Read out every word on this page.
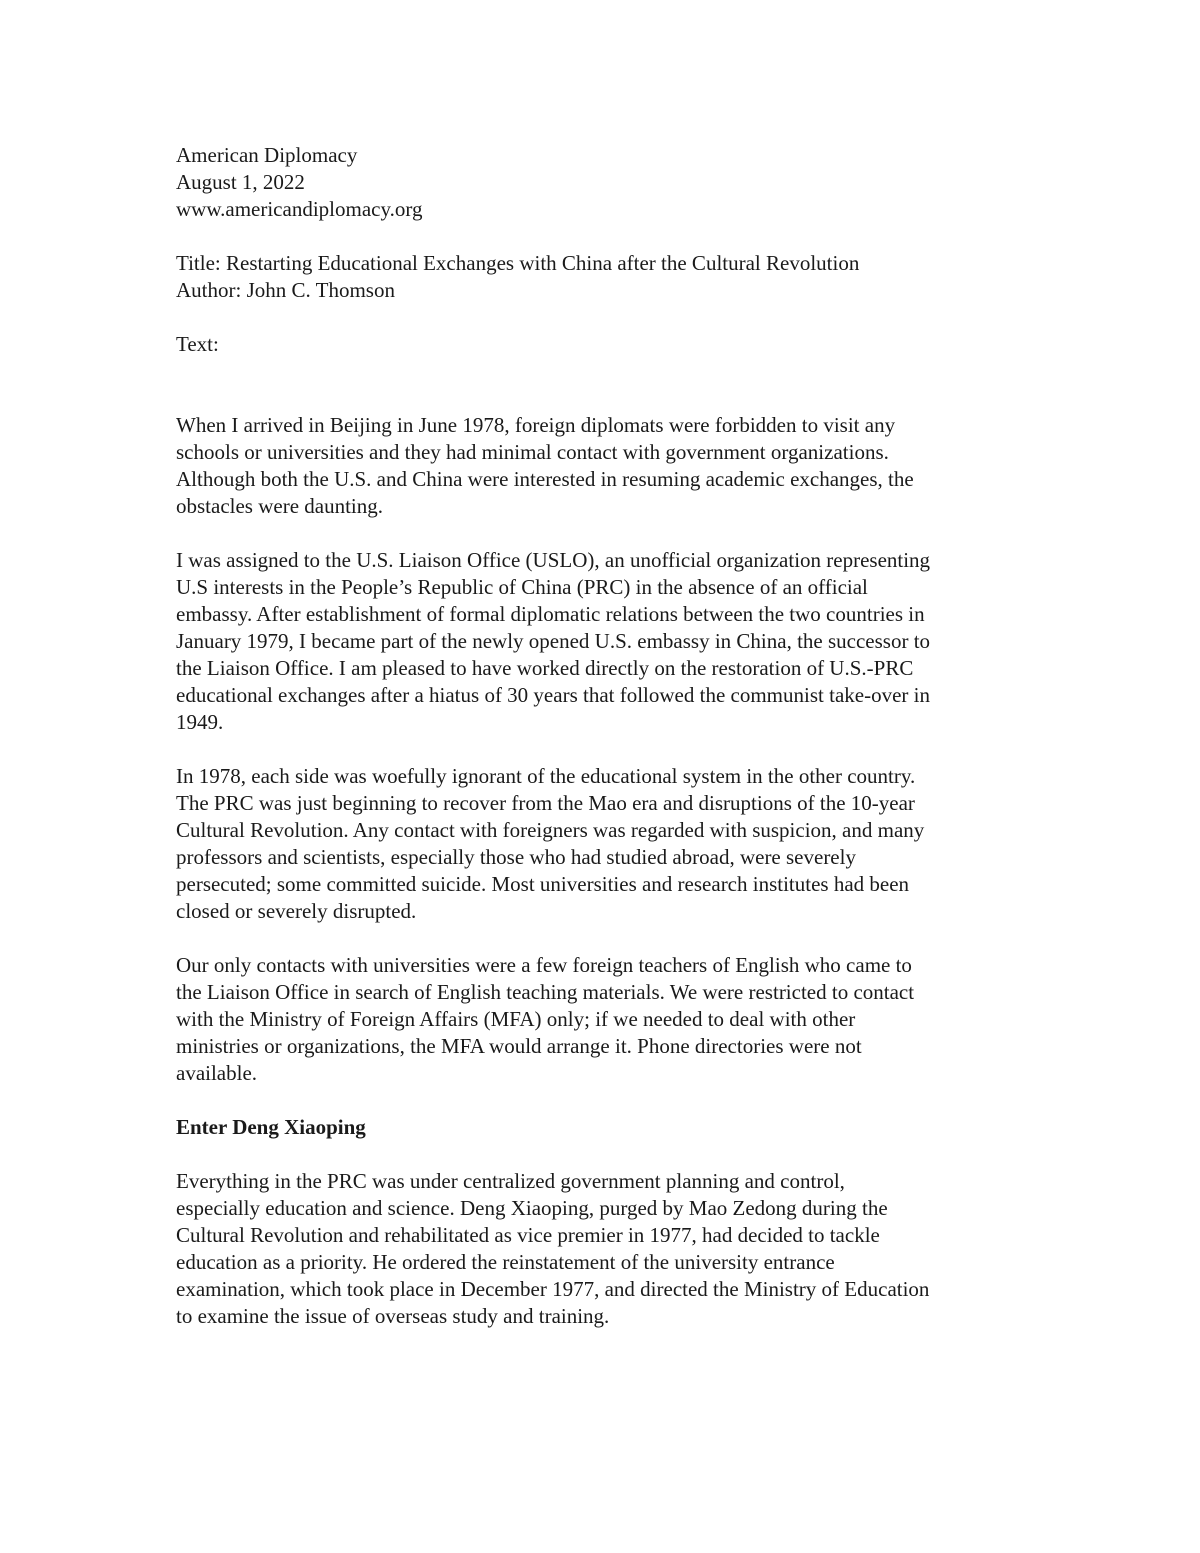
American Diplomacy
August 1, 2022
www.americandiplomacy.org
Title: Restarting Educational Exchanges with China after the Cultural Revolution
Author: John C. Thomson
Text:

When I arrived in Beijing in June 1978, foreign diplomats were forbidden to visit any
schools or universities and they had minimal contact with government organizations.
Although both the U.S. and China were interested in resuming academic exchanges, the
obstacles were daunting.

I was assigned to the U.S. Liaison Office (USLO), an unofficial organization representing
U.S interests in the People’s Republic of China (PRC) in the absence of an official
embassy. After establishment of formal diplomatic relations between the two countries in
January 1979, I became part of the newly opened U.S. embassy in China, the successor to
the Liaison Office. I am pleased to have worked directly on the restoration of U.S.-PRC
educational exchanges after a hiatus of 30 years that followed the communist take-over in
1949.

In 1978, each side was woefully ignorant of the educational system in the other country.
The PRC was just beginning to recover from the Mao era and disruptions of the 10-year
Cultural Revolution. Any contact with foreigners was regarded with suspicion, and many
professors and scientists, especially those who had studied abroad, were severely
persecuted; some committed suicide. Most universities and research institutes had been
closed or severely disrupted.

Our only contacts with universities were a few foreign teachers of English who came to
the Liaison Office in search of English teaching materials. We were restricted to contact
with the Ministry of Foreign Affairs (MFA) only; if we needed to deal with other
ministries or organizations, the MFA would arrange it. Phone directories were not
available.

Enter Deng Xiaoping

Everything in the PRC was under centralized government planning and control,
especially education and science. Deng Xiaoping, purged by Mao Zedong during the
Cultural Revolution and rehabilitated as vice premier in 1977, had decided to tackle
education as a priority. He ordered the reinstatement of the university entrance
examination, which took place in December 1977, and directed the Ministry of Education
to examine the issue of overseas study and training.
